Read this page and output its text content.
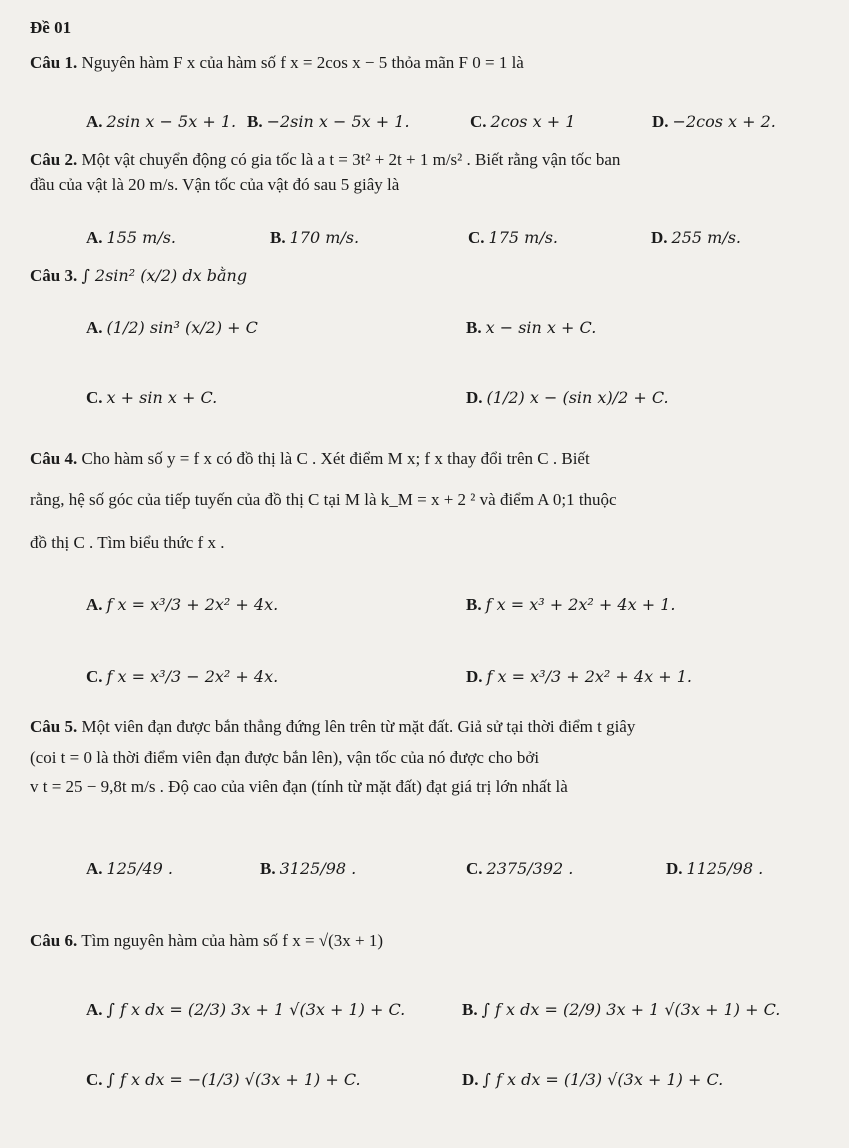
Đề 01
Câu 1. Nguyên hàm F x của hàm số f x = 2cos x − 5 thỏa mãn F 0 = 1 là
A. 2sin x − 5x + 1. B. −2sin x − 5x + 1.	C. 2cos x + 1	D. −2cos x + 2.
Câu 2. Một vật chuyển động có gia tốc là a t = 3t² + 2t + 1 m/s² . Biết rằng vận tốc ban
đầu của vật là 20 m/s. Vận tốc của vật đó sau 5 giây là
A. 155 m/s.	B. 170 m/s.	C. 175 m/s.	D. 255 m/s.
Câu 3. ∫ 2sin² (x/2) dx bằng
A. (1/2) sin³ (x/2) + C	B. x − sin x + C.
C. x + sin x + C.	D. (1/2) x − (sin x)/2 + C.
Câu 4. Cho hàm số y = f x có đồ thị là C . Xét điểm M x; f x thay đổi trên C . Biết
rằng, hệ số góc của tiếp tuyến của đồ thị C tại M là k_M = x + 2 ² và điểm A 0;1 thuộc
đồ thị C . Tìm biểu thức f x .
A. f x = x³/3 + 2x² + 4x.	B. f x = x³ + 2x² + 4x + 1.
C. f x = x³/3 − 2x² + 4x.	D. f x = x³/3 + 2x² + 4x + 1.
Câu 5. Một viên đạn được bắn thẳng đứng lên trên từ mặt đất. Giả sử tại thời điểm t giây
(coi t = 0 là thời điểm viên đạn được bắn lên), vận tốc của nó được cho bởi
v t = 25 − 9,8t m/s . Độ cao của viên đạn (tính từ mặt đất) đạt giá trị lớn nhất là
A. 125/49 .	B. 3125/98 .	C. 2375/392 .	D. 1125/98 .
Câu 6. Tìm nguyên hàm của hàm số f x = √(3x + 1)
A. ∫ f x dx = (2/3) 3x + 1 √(3x + 1) + C.	B. ∫ f x dx = (2/9) 3x + 1 √(3x + 1) + C.
C. ∫ f x dx = −(1/3) √(3x + 1) + C.	D. ∫ f x dx = (1/3) √(3x + 1) + C.
